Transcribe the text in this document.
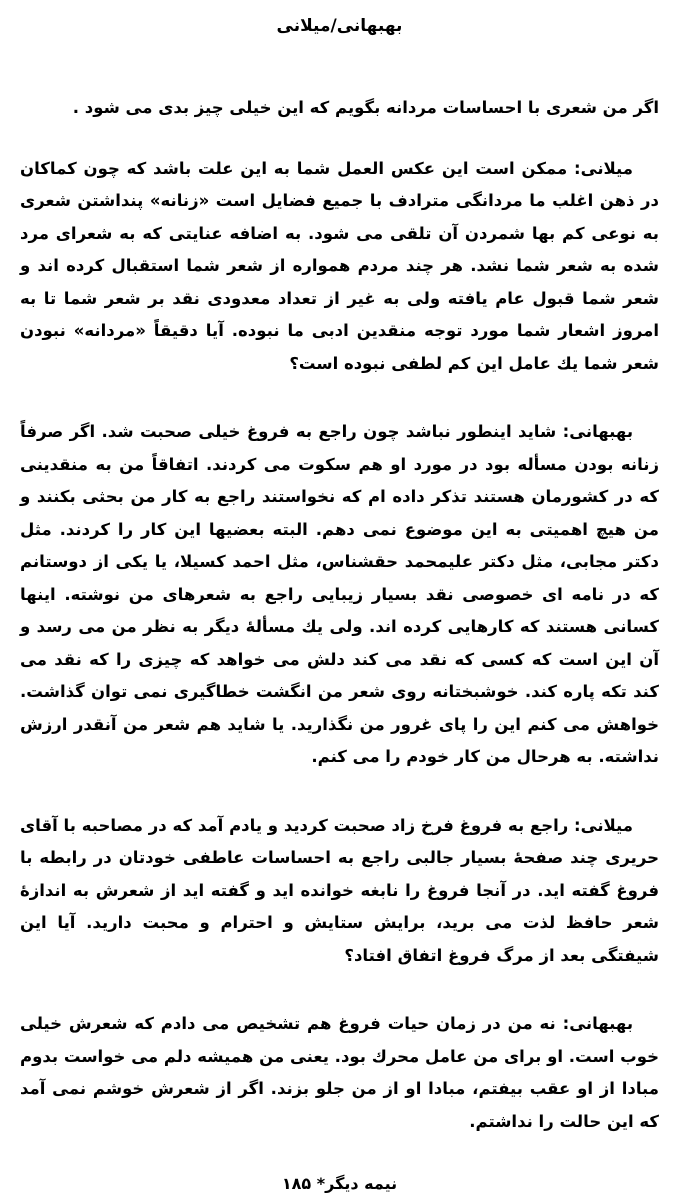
بهبهانی/میلانی

اگر من شعری با احساسات مردانه بگویم که این خیلی چیز بدی می شود .

میلانی:‌ ممکن است این عکس العمل شما به این علت باشد که چون کماکان در ذهن اغلب ما مردانگی مترادف با جمیع فضایل است «زنانه» پنداشتن شعری به نوعی کم بها شمردن آن تلقی می شود. به اضافه عنایتی که به شعرای مرد شده به شعر شما نشد. هر چند مردم همواره از شعر شما استقبال کرده اند و شعر شما قبول عام یافته ولی به غیر از تعداد معدودی نقد بر شعر شما تا به امروز اشعار شما مورد توجه منقدین ادبی ما نبوده. آیا دقیقاً «مردانه» نبودن شعر شما یك عامل این کم لطفی نبوده است؟

بهبهانی:‌ شاید اینطور نباشد چون راجع به فروغ خیلی صحبت شد. اگر صرفاً زنانه بودن مسأله بود در مورد او هم سکوت می کردند. اتفاقاً من به منقدینی که در کشورمان هستند تذکر داده ام که نخواستند راجع به کار من بحثی بکنند و من هیچ اهمیتی به این موضوع نمی دهم. البته بعضیها این کار را کردند. مثل دکتر مجابی، مثل دکتر علیمحمد حقشناس، مثل احمد کسیلا، یا یکی از دوستانم که در نامه ای خصوصی نقد بسیار زیبایی راجع به شعرهای من نوشته. اینها کسانی هستند که کارهایی کرده اند. ولی یك مسألهٔ دیگر به نظر من می رسد و آن این است که کسی که نقد می کند دلش می خواهد که چیزی را که نقد می کند تکه پاره کند. خوشبختانه روی شعر من انگشت خطاگیری نمی توان گذاشت. خواهش می کنم این را پای غرور من نگذارید. یا شاید هم شعر من آنقدر ارزش نداشته. به هرحال من کار خودم را می کنم.

میلانی:‌ راجع به فروغ فرخ زاد صحبت کردید و یادم آمد که در مصاحبه با آقای حریری چند صفحهٔ بسیار جالبی راجع به احساسات عاطفی خودتان در رابطه با فروغ گفته اید. در آنجا فروغ را نابغه خوانده اید و گفته اید از شعرش به اندازهٔ شعر حافظ لذت می برید، برایش ستایش و احترام و محبت دارید. آیا این شیفتگی بعد از مرگ فروغ اتفاق افتاد؟

بهبهانی:‌ نه من در زمان حیات فروغ هم تشخیص می دادم که شعرش خیلی خوب است. او برای من عامل محرك بود. یعنی من همیشه دلم می خواست بدوم مبادا از او عقب بیفتم، مبادا او از من جلو بزند. اگر از شعرش خوشم نمی آمد که این حالت را نداشتم.

نیمه دیگر* ۱۸۵
